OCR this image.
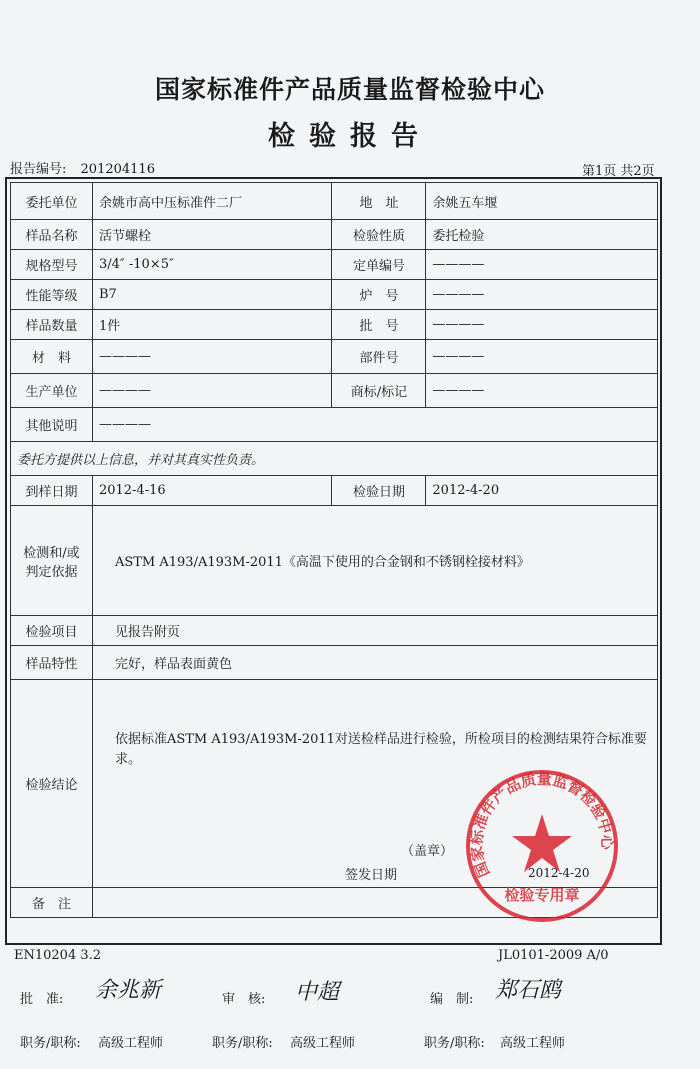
国家标准件产品质量监督检验中心
检验报告
报告编号: 201204116	第1页 共2页
委托单位	余姚市高中压标准件二厂	地　址	余姚五车堰
样品名称	活节螺栓	检验性质	委托检验
规格型号	3/4″ -10×5″	定单编号	————
性能等级	B7	炉　号	————
样品数量	1件	批　号	————
材　料	————	部件号	————
生产单位	————	商标/标记	————
其他说明	————		
委托方提供以上信息，并对其真实性负责。			
到样日期	2012-4-16	检验日期	2012-4-20

检测和/或
判定依据	ASTM A193/A193M-2011《高温下使用的合金钢和不锈钢栓接材料》		
检验项目	见报告附页		
样品特性	完好，样品表面黄色		
检验结论	依据标准ASTM A193/A193M-2011对送检样品进行检验，所检项目的检测结果符合标准要求。
（盖章）
签发日期 2012-4-20		

备　注			
国家标准件产品质量监督检验中心
检验专用章
EN10204 3.2	JL0101-2009 A/0
批　准: 余兆新	审　核: 中超	编　制: 郑石鸥
职务/职称: 高级工程师	职务/职称: 高级工程师	职务/职称: 高级工程师
